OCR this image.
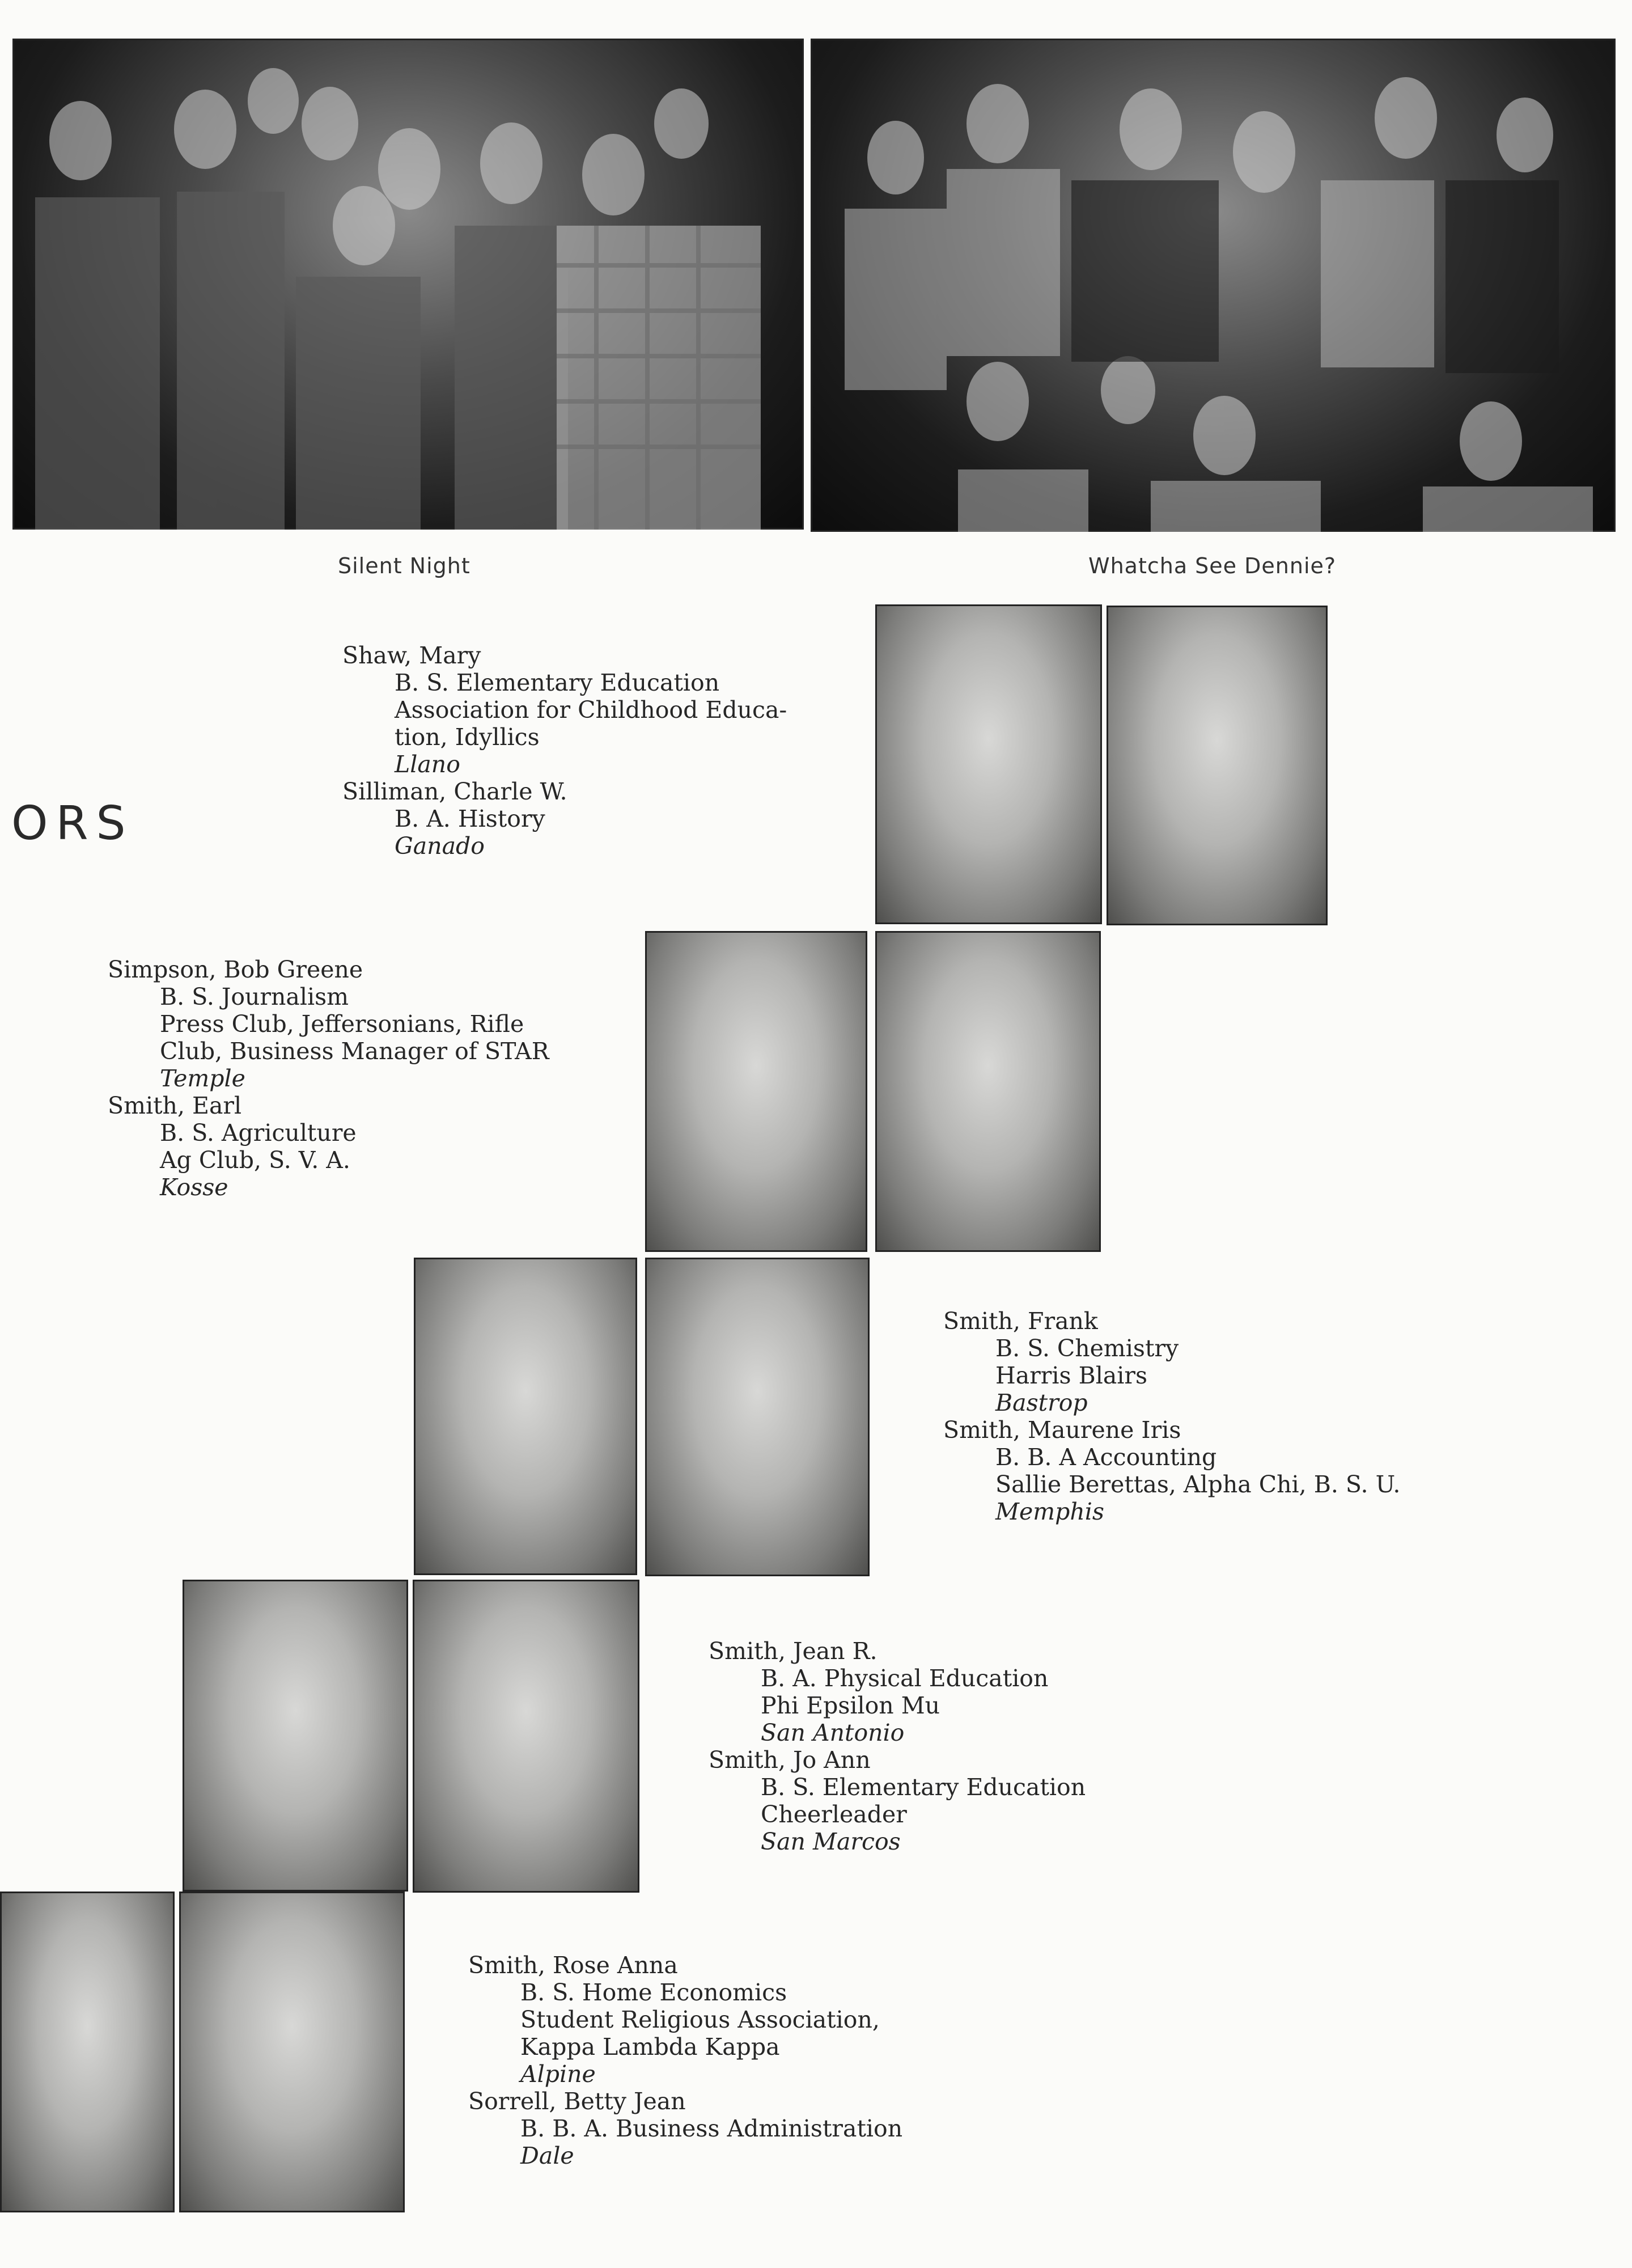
Silent Night	Whatcha See Dennie?
ORS
Shaw, Mary
B. S. Elementary Education
Association for Childhood Educa-
tion, Idyllics
Llano
Silliman, Charle W.
B. A. History
Ganado
Simpson, Bob Greene
B. S. Journalism
Press Club, Jeffersonians, Rifle
Club, Business Manager of STAR
Temple
Smith, Earl
B. S. Agriculture
Ag Club, S. V. A.
Kosse
Smith, Frank
B. S. Chemistry
Harris Blairs
Bastrop
Smith, Maurene Iris
B. B. A Accounting
Sallie Berettas, Alpha Chi, B. S. U.
Memphis
Smith, Jean R.
B. A. Physical Education
Phi Epsilon Mu
San Antonio
Smith, Jo Ann
B. S. Elementary Education
Cheerleader
San Marcos
Smith, Rose Anna
B. S. Home Economics
Student Religious Association,
Kappa Lambda Kappa
Alpine
Sorrell, Betty Jean
B. B. A. Business Administration
Dale
